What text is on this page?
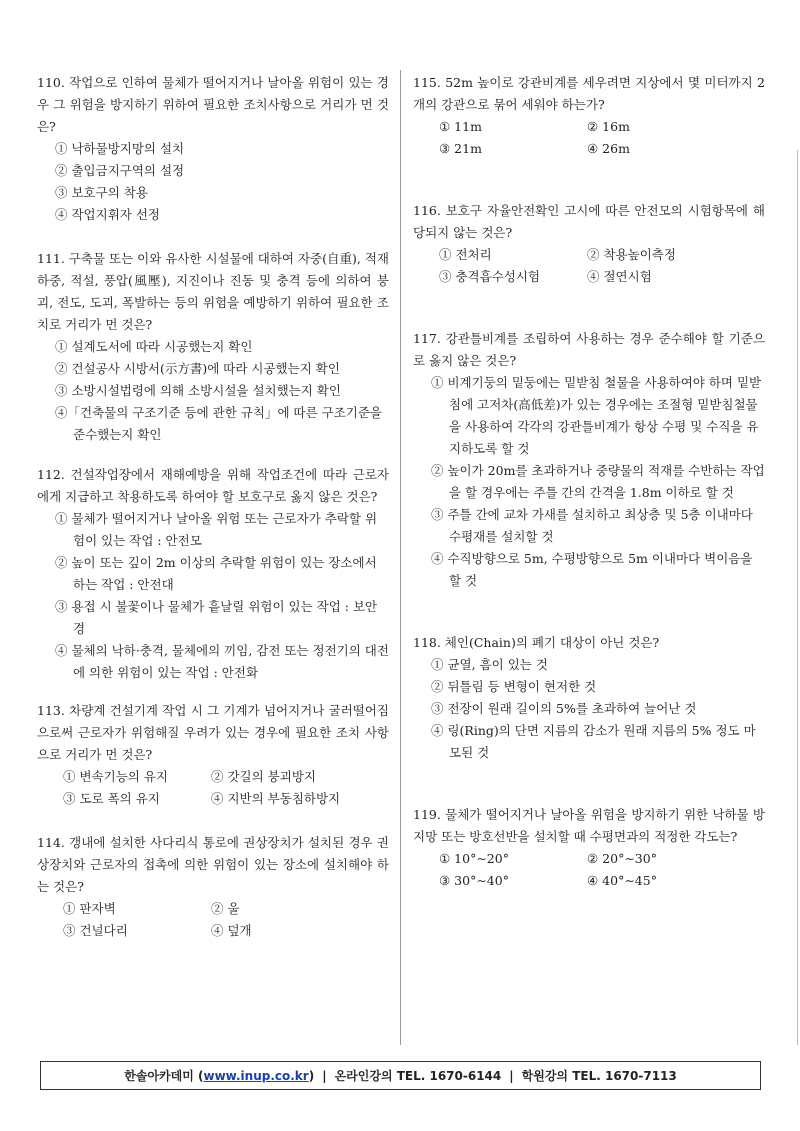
110. 작업으로 인하여 물체가 떨어지거나 날아올 위험이 있는 경우 그 위험을 방지하기 위하여 필요한 조치사항으로 거리가 먼 것은?

① 낙하물방지망의 설치
② 출입금지구역의 설정
③ 보호구의 착용
④ 작업지휘자 선정

111. 구축물 또는 이와 유사한 시설물에 대하여 자중(自重), 적재하중, 적설, 풍압(風壓), 지진이나 진동 및 충격 등에 의하여 붕괴, 전도, 도괴, 폭발하는 등의 위험을 예방하기 위하여 필요한 조치로 거리가 먼 것은?

① 설계도서에 따라 시공했는지 확인
② 건설공사 시방서(示方書)에 따라 시공했는지 확인
③ 소방시설법령에 의해 소방시설을 설치했는지 확인
④「건축물의 구조기준 등에 관한 규칙」에 따른 구조기준을 준수했는지 확인

112. 건설작업장에서 재해예방을 위해 작업조건에 따라 근로자에게 지급하고 착용하도록 하여야 할 보호구로 옳지 않은 것은?

① 물체가 떨어지거나 날아올 위험 또는 근로자가 추락할 위험이 있는 작업 : 안전모
② 높이 또는 깊이 2m 이상의 추락할 위험이 있는 장소에서 하는 작업 : 안전대
③ 용접 시 불꽃이나 물체가 흩날릴 위험이 있는 작업 : 보안경
④ 물체의 낙하·충격, 물체에의 끼임, 감전 또는 정전기의 대전에 의한 위험이 있는 작업 : 안전화

113. 차량계 건설기계 작업 시 그 기계가 넘어지거나 굴러떨어짐으로써 근로자가 위험해질 우려가 있는 경우에 필요한 조치 사항으로 거리가 먼 것은?

① 변속기능의 유지	② 갓길의 붕괴방지
③ 도로 폭의 유지	④ 지반의 부동침하방지

114. 갱내에 설치한 사다리식 통로에 권상장치가 설치된 경우 권상장치와 근로자의 접촉에 의한 위험이 있는 장소에 설치해야 하는 것은?

① 판자벽	② 울
③ 건널다리	④ 덮개

115. 52m 높이로 강관비계를 세우려면 지상에서 몇 미터까지 2개의 강관으로 묶어 세워야 하는가?

① 11m	② 16m
③ 21m	④ 26m

116. 보호구 자율안전확인 고시에 따른 안전모의 시험항목에 해당되지 않는 것은?

① 전처리	② 착용높이측정
③ 충격흡수성시험	④ 절연시험

117. 강관틀비계를 조립하여 사용하는 경우 준수해야 할 기준으로 옳지 않은 것은?

① 비계기둥의 밑둥에는 밑받침 철물을 사용하여야 하며 밑받침에 고저차(高低差)가 있는 경우에는 조절형 밑받침철물을 사용하여 각각의 강관틀비계가 항상 수평 및 수직을 유지하도록 할 것
② 높이가 20m를 초과하거나 중량물의 적재를 수반하는 작업을 할 경우에는 주틀 간의 간격을 1.8m 이하로 할 것
③ 주틀 간에 교차 가새를 설치하고 최상층 및 5층 이내마다 수평재를 설치할 것
④ 수직방향으로 5m, 수평방향으로 5m 이내마다 벽이음을 할 것

118. 체인(Chain)의 폐기 대상이 아닌 것은?

① 균열, 흠이 있는 것
② 뒤틀림 등 변형이 현저한 것
③ 전장이 원래 길이의 5%를 초과하여 늘어난 것
④ 링(Ring)의 단면 지름의 감소가 원래 지름의 5% 정도 마모된 것

119. 물체가 떨어지거나 날아올 위험을 방지하기 위한 낙하물 방지망 또는 방호선반을 설치할 때 수평면과의 적정한 각도는?

① 10°∼20°	② 20°∼30°
③ 30°∼40°	④ 40°∼45°
한솔아카데미 ( www.inup.co.kr ) | 온라인강의 TEL. 1670-6144 | 학원강의 TEL. 1670-7113
